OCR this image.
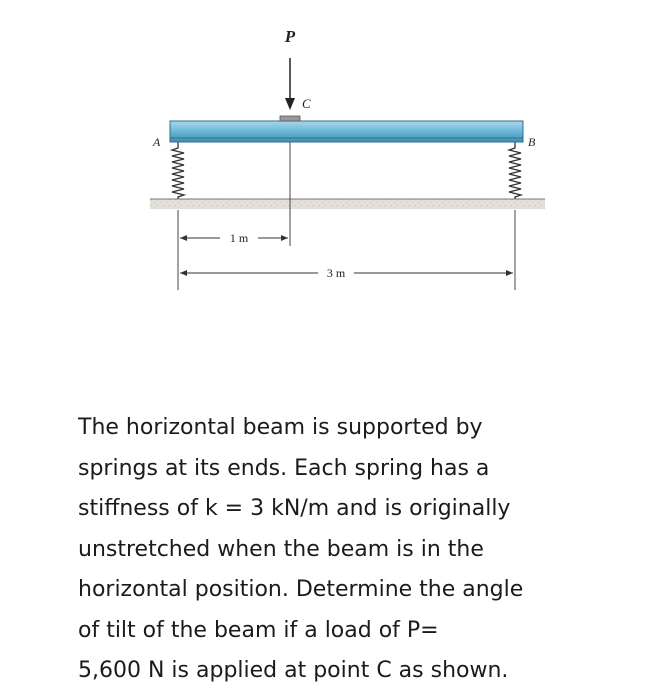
1 m
3 m
P
C
A	B
The horizontal beam is supported by
springs at its ends. Each spring has a
stiffness of k = 3 kN/m and is originally
unstretched when the beam is in the
horizontal position. Determine the angle
of tilt of the beam if a load of P=
5,600 N is applied at point C as shown.
